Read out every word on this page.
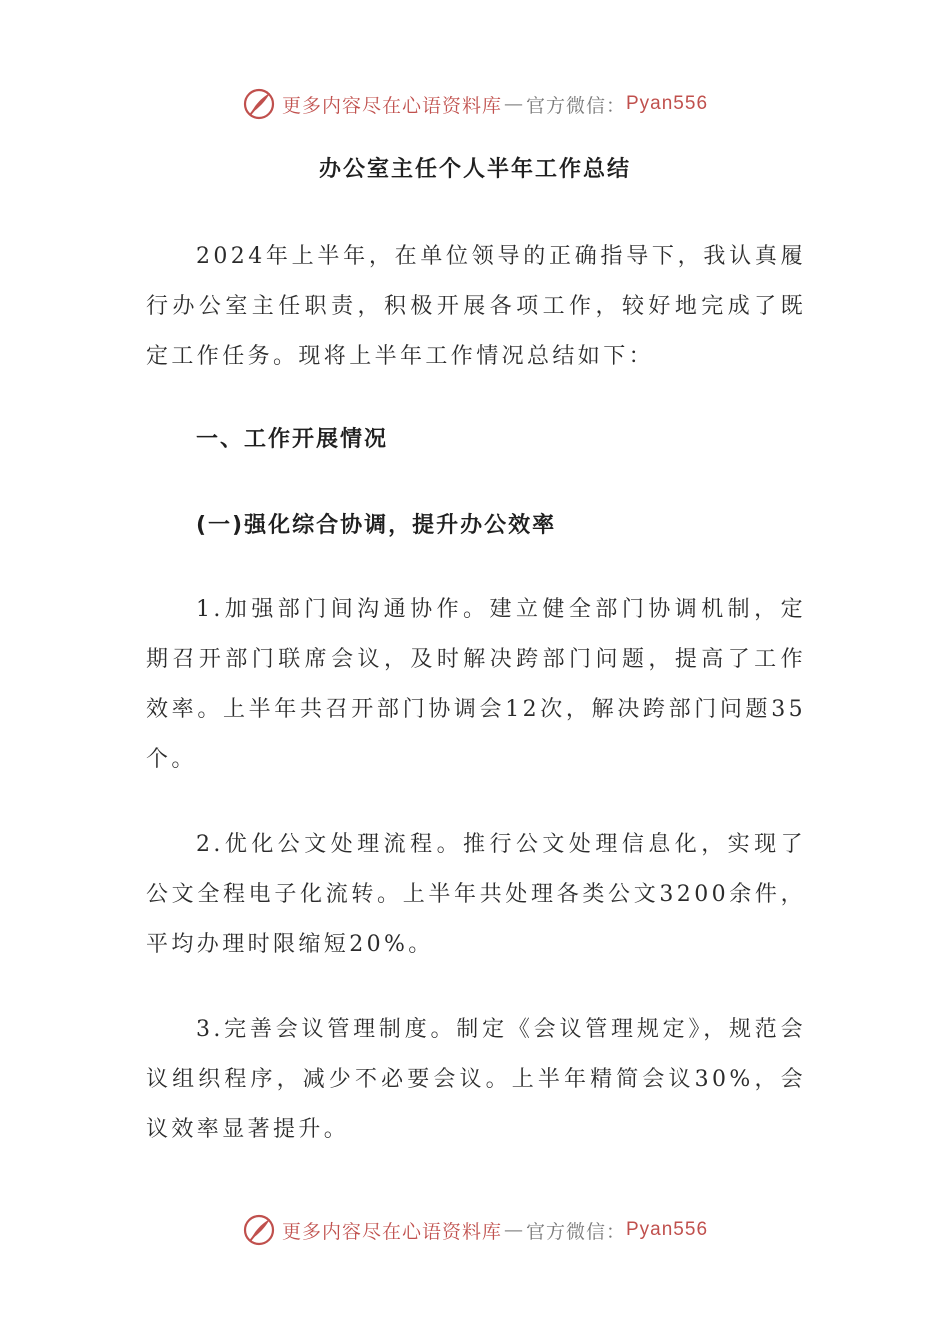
更多内容尽在心语资料库 — 官方微信： Pyan556
办公室主任个人半年工作总结

2024年上半年，在单位领导的正确指导下，我认真履行办公室主任职责，积极开展各项工作，较好地完成了既定工作任务。现将上半年工作情况总结如下：

一、工作开展情况

(一)强化综合协调，提升办公效率

1.加强部门间沟通协作。建立健全部门协调机制，定期召开部门联席会议，及时解决跨部门问题，提高了工作效率。上半年共召开部门协调会12次，解决跨部门问题35个。

2.优化公文处理流程。推行公文处理信息化，实现了公文全程电子化流转。上半年共处理各类公文3200余件，平均办理时限缩短20%。

3.完善会议管理制度。制定《会议管理规定》，规范会议组织程序，减少不必要会议。上半年精简会议30%，会议效率显著提升。

更多内容尽在心语资料库 — 官方微信： Pyan556
